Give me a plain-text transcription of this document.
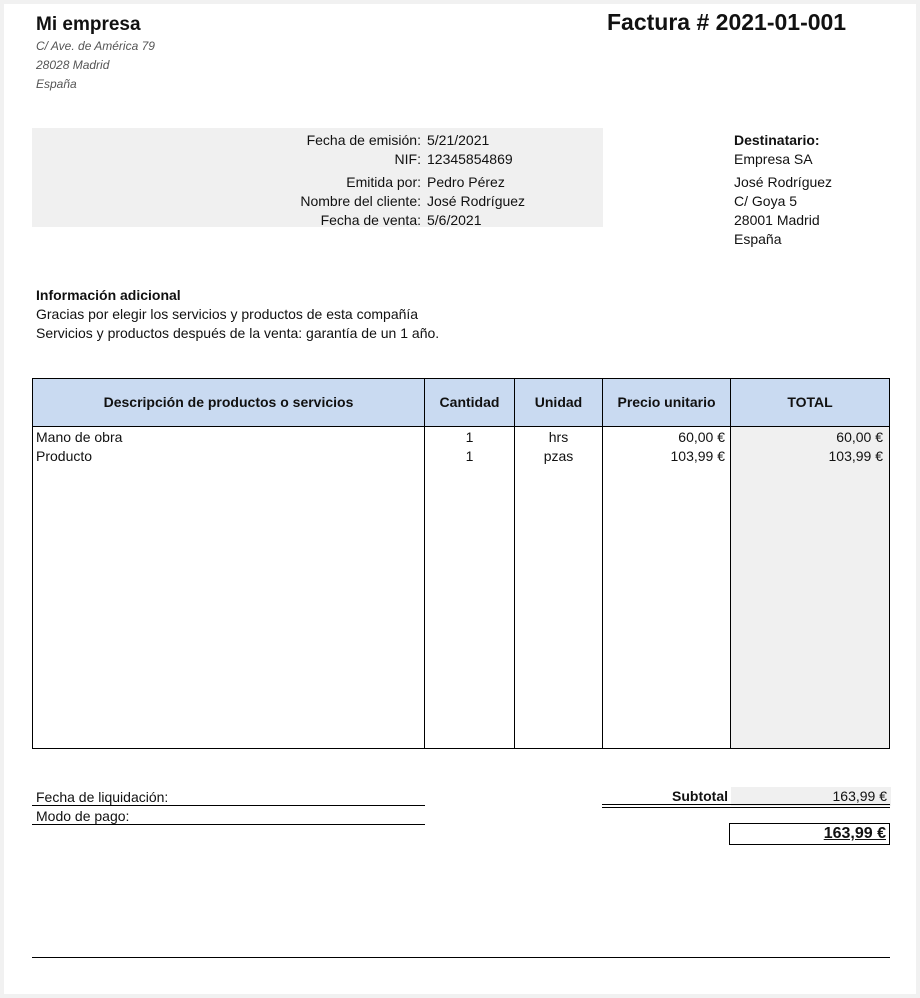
Mi empresa
C/ Ave. de América 79
28028 Madrid
España
Factura # 2021-01-001
Fecha de emisión: 5/21/2021
NIF: 12345854869
Emitida por: Pedro Pérez
Nombre del cliente: José Rodríguez
Fecha de venta: 5/6/2021
Destinatario:
Empresa SA
José Rodríguez
C/ Goya 5
28001 Madrid
España
Información adicional
Gracias por elegir los servicios y productos de esta compañía
Servicios y productos después de la venta: garantía de un 1 año.
Descripción de productos o servicios	Cantidad	Unidad	Precio unitario	TOTAL
Mano de obra	1	hrs	60,00 €	60,00 €
Producto	1	pzas	103,99 €	103,99 €
Fecha de liquidación:
Modo de pago:
Subtotal	163,99 €
163,99 €
